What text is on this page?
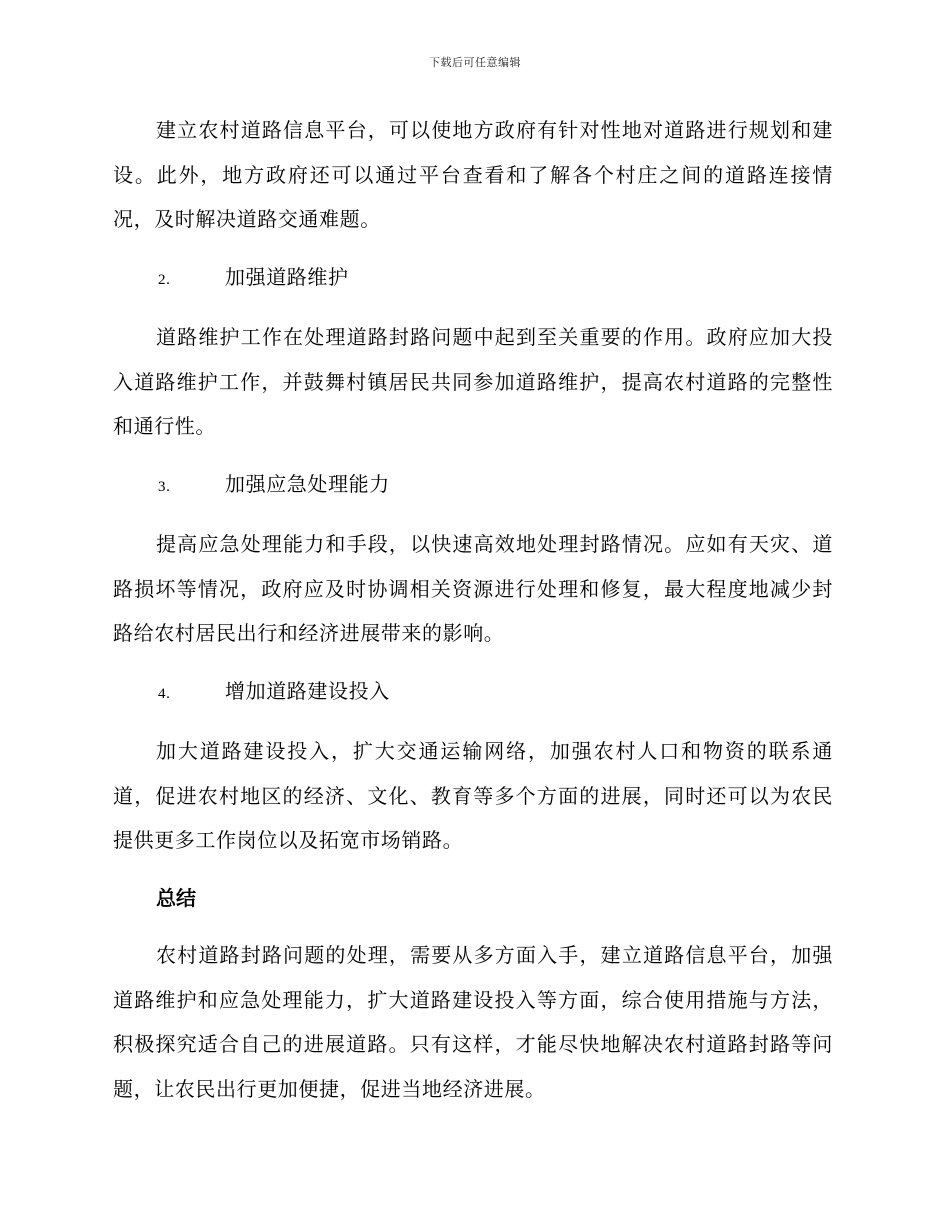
下载后可任意编辑

建立农村道路信息平台，可以使地方政府有针对性地对道路进行规划和建设。此外，地方政府还可以通过平台查看和了解各个村庄之间的道路连接情况，及时解决道路交通难题。

2.	加强道路维护

道路维护工作在处理道路封路问题中起到至关重要的作用。政府应加大投入道路维护工作，并鼓舞村镇居民共同参加道路维护，提高农村道路的完整性和通行性。

3.	加强应急处理能力

提高应急处理能力和手段，以快速高效地处理封路情况。应如有天灾、道路损坏等情况，政府应及时协调相关资源进行处理和修复，最大程度地减少封路给农村居民出行和经济进展带来的影响。

4.	增加道路建设投入

加大道路建设投入，扩大交通运输网络，加强农村人口和物资的联系通道，促进农村地区的经济、文化、教育等多个方面的进展，同时还可以为农民提供更多工作岗位以及拓宽市场销路。

总结

农村道路封路问题的处理，需要从多方面入手，建立道路信息平台，加强道路维护和应急处理能力，扩大道路建设投入等方面，综合使用措施与方法，积极探究适合自己的进展道路。只有这样，才能尽快地解决农村道路封路等问题，让农民出行更加便捷，促进当地经济进展。
